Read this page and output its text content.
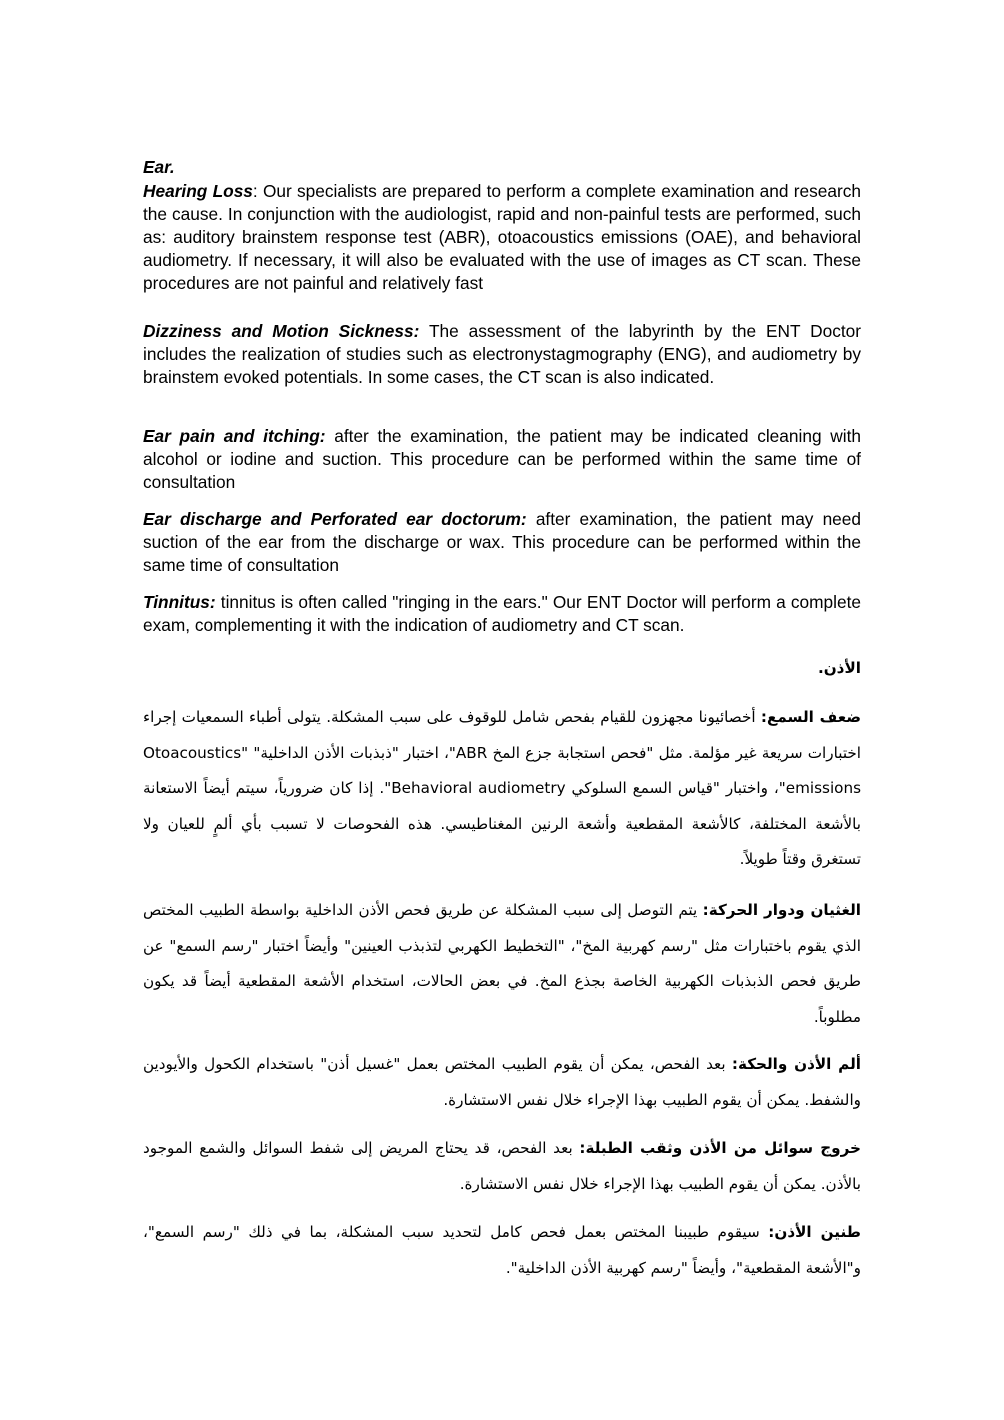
Ear.

Hearing Loss: Our specialists are prepared to perform a complete examination and research the cause. In conjunction with the audiologist, rapid and non-painful tests are performed, such as: auditory brainstem response test (ABR), otoacoustics emissions (OAE), and behavioral audiometry. If necessary, it will also be evaluated with the use of images as CT scan. These procedures are not painful and relatively fast

Dizziness and Motion Sickness: The assessment of the labyrinth by the ENT Doctor includes the realization of studies such as electronystagmography (ENG), and audiometry by brainstem evoked potentials. In some cases, the CT scan is also indicated.

Ear pain and itching: after the examination, the patient may be indicated cleaning with alcohol or iodine and suction. This procedure can be performed within the same time of consultation

Ear discharge and Perforated ear doctorum: after examination, the patient may need suction of the ear from the discharge or wax. This procedure can be performed within the same time of consultation

Tinnitus: tinnitus is often called "ringing in the ears." Our ENT Doctor will perform a complete exam, complementing it with the indication of audiometry and CT scan.

الأذن.

ضعف السمع: أخصائيونا مجهزون للقيام بفحص شامل للوقوف على سبب المشكلة. يتولى أطباء السمعيات إجراء اختبارات سريعة غير مؤلمة. مثل "فحص استجابة جزع المخ ABR"، اختبار "ذبذبات الأذن الداخلية" "Otoacoustics emissions"، واختبار "قياس السمع السلوكي Behavioral audiometry". إذا كان ضرورياً، سيتم أيضاً الاستعانة بالأشعة المختلفة، كالأشعة المقطعية وأشعة الرنين المغناطيسي. هذه الفحوصات لا تسبب بأي ألمٍ للعيان ولا تستغرق وقتاً طويلاً.

الغثيان ودوار الحركة: يتم التوصل إلى سبب المشكلة عن طريق فحص الأذن الداخلية بواسطة الطبيب المختص الذي يقوم باختبارات مثل "رسم كهربية المخ"، "التخطيط الكهربي لتذبذب العينين" وأيضاً اختبار "رسم السمع" عن طريق فحص الذبذبات الكهربية الخاصة بجذع المخ. في بعض الحالات، استخدام الأشعة المقطعية أيضاً قد يكون مطلوباً.

ألم الأذن والحكة: بعد الفحص، يمكن أن يقوم الطبيب المختص بعمل "غسيل أذن" باستخدام الكحول والأيودين والشفط. يمكن أن يقوم الطبيب بهذا الإجراء خلال نفس الاستشارة.

خروج سوائل من الأذن وثقب الطبلة: بعد الفحص، قد يحتاج المريض إلى شفط السوائل والشمع الموجود بالأذن. يمكن أن يقوم الطبيب بهذا الإجراء خلال نفس الاستشارة.

طنين الأذن: سيقوم طبيبنا المختص بعمل فحص كامل لتحديد سبب المشكلة، بما في ذلك "رسم السمع"، و"الأشعة المقطعية"، وأيضاً "رسم كهربية الأذن الداخلية".
